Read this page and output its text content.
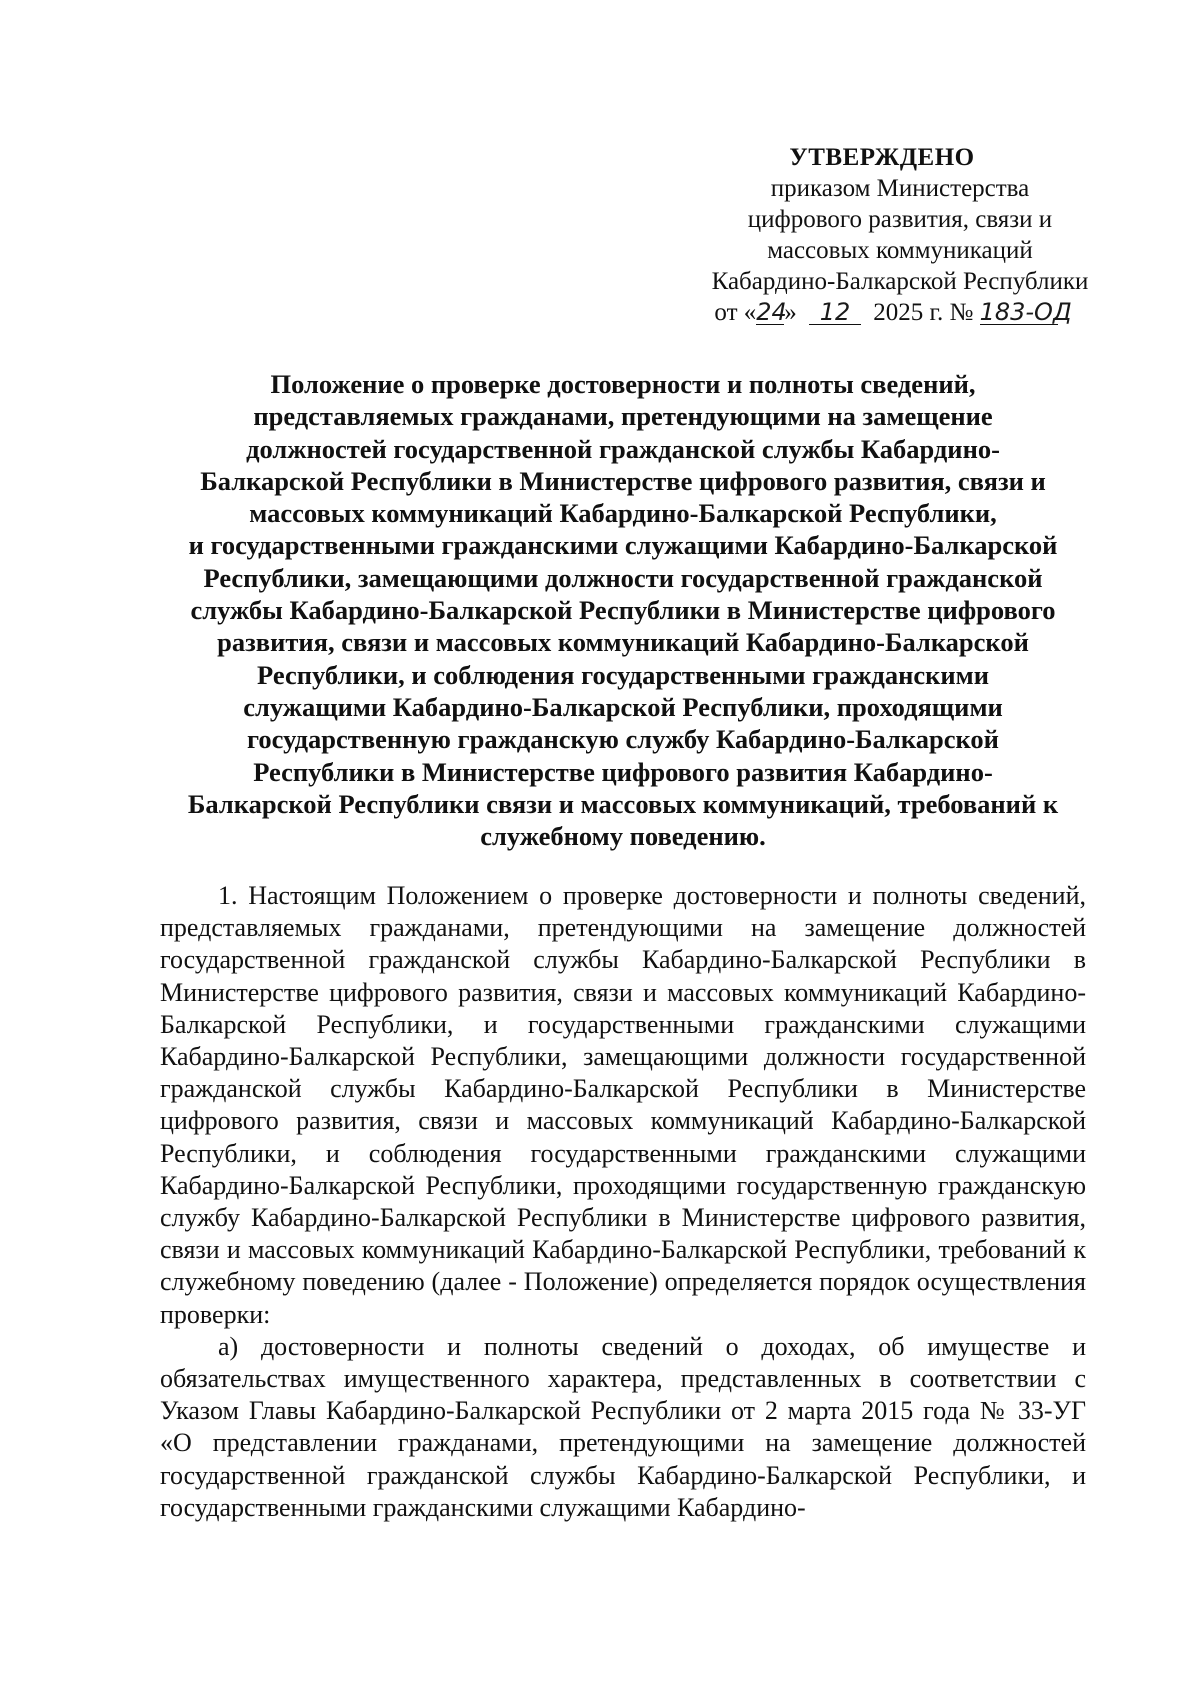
УТВЕРЖДЕНО
приказом Министерства
цифрового развития, связи и
массовых коммуникаций
Кабардино-Балкарской Республики
от «24» 12 2025 г. № 183-ОД
Положение о проверке достоверности и полноты сведений,
представляемых гражданами, претендующими на замещение
должностей государственной гражданской службы Кабардино-
Балкарской Республики в Министерстве цифрового развития, связи и
массовых коммуникаций Кабардино-Балкарской Республики,
и государственными гражданскими служащими Кабардино-Балкарской
Республики, замещающими должности государственной гражданской
службы Кабардино-Балкарской Республики в Министерстве цифрового
развития, связи и массовых коммуникаций Кабардино-Балкарской
Республики, и соблюдения государственными гражданскими
служащими Кабардино-Балкарской Республики, проходящими
государственную гражданскую службу Кабардино-Балкарской
Республики в Министерстве цифрового развития Кабардино-
Балкарской Республики связи и массовых коммуникаций, требований к
служебному поведению.

1. Настоящим Положением о проверке достоверности и полноты сведений, представляемых гражданами, претендующими на замещение должностей государственной гражданской службы Кабардино-Балкарской Республики в Министерстве цифрового развития, связи и массовых коммуникаций Кабардино-Балкарской Республики, и государственными гражданскими служащими Кабардино-Балкарской Республики, замещающими должности государственной гражданской службы Кабардино-Балкарской Республики в Министерстве цифрового развития, связи и массовых коммуникаций Кабардино-Балкарской Республики, и соблюдения государственными гражданскими служащими Кабардино-Балкарской Республики, проходящими государственную гражданскую службу Кабардино-Балкарской Республики в Министерстве цифрового развития, связи и массовых коммуникаций Кабардино-Балкарской Республики, требований к служебному поведению (далее - Положение) определяется порядок осуществления проверки:

а) достоверности и полноты сведений о доходах, об имуществе и обязательствах имущественного характера, представленных в соответствии с Указом Главы Кабардино-Балкарской Республики от 2 марта 2015 года № 33-УГ «О представлении гражданами, претендующими на замещение должностей государственной гражданской службы Кабардино-Балкарской Республики, и государственными гражданскими служащими Кабардино-
